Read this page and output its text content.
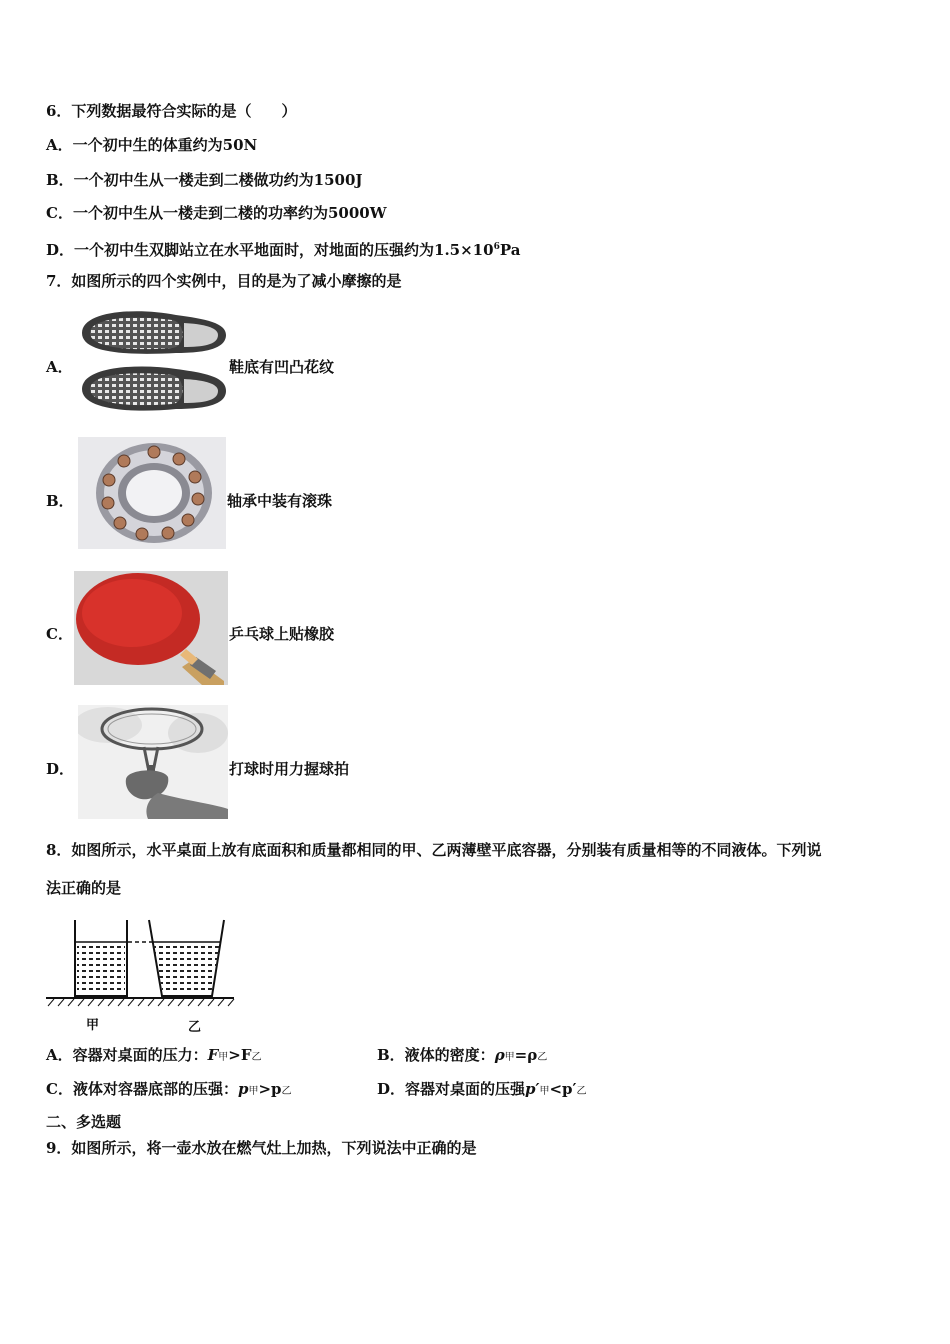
6．下列数据最符合实际的是（　　）
A．一个初中生的体重约为50N
B．一个初中生从一楼走到二楼做功约为1500J
C．一个初中生从一楼走到二楼的功率约为5000W
D．一个初中生双脚站立在水平地面时，对地面的压强约为$1.5\times 10^6Pa$
7．如图所示的四个实例中，目的是为了减小摩擦的是
A．	鞋底有凹凸花纹
B．	轴承中装有滚珠
C．	乒乓球上贴橡胶
D．	打球时用力握球拍
8．如图所示，水平桌面上放有底面积和质量都相同的甲、乙两薄壁平底容器，分别装有质量相等的不同液体。下列说
法正确的是
甲	乙
A．容器对桌面的压力：F甲>F乙	B．液体的密度：ρ甲=ρ乙
C．液体对容器底部的压强：p甲>p乙	D．容器对桌面的压强p′甲<p′乙
二、多选题
9．如图所示，将一壶水放在燃气灶上加热，下列说法中正确的是
